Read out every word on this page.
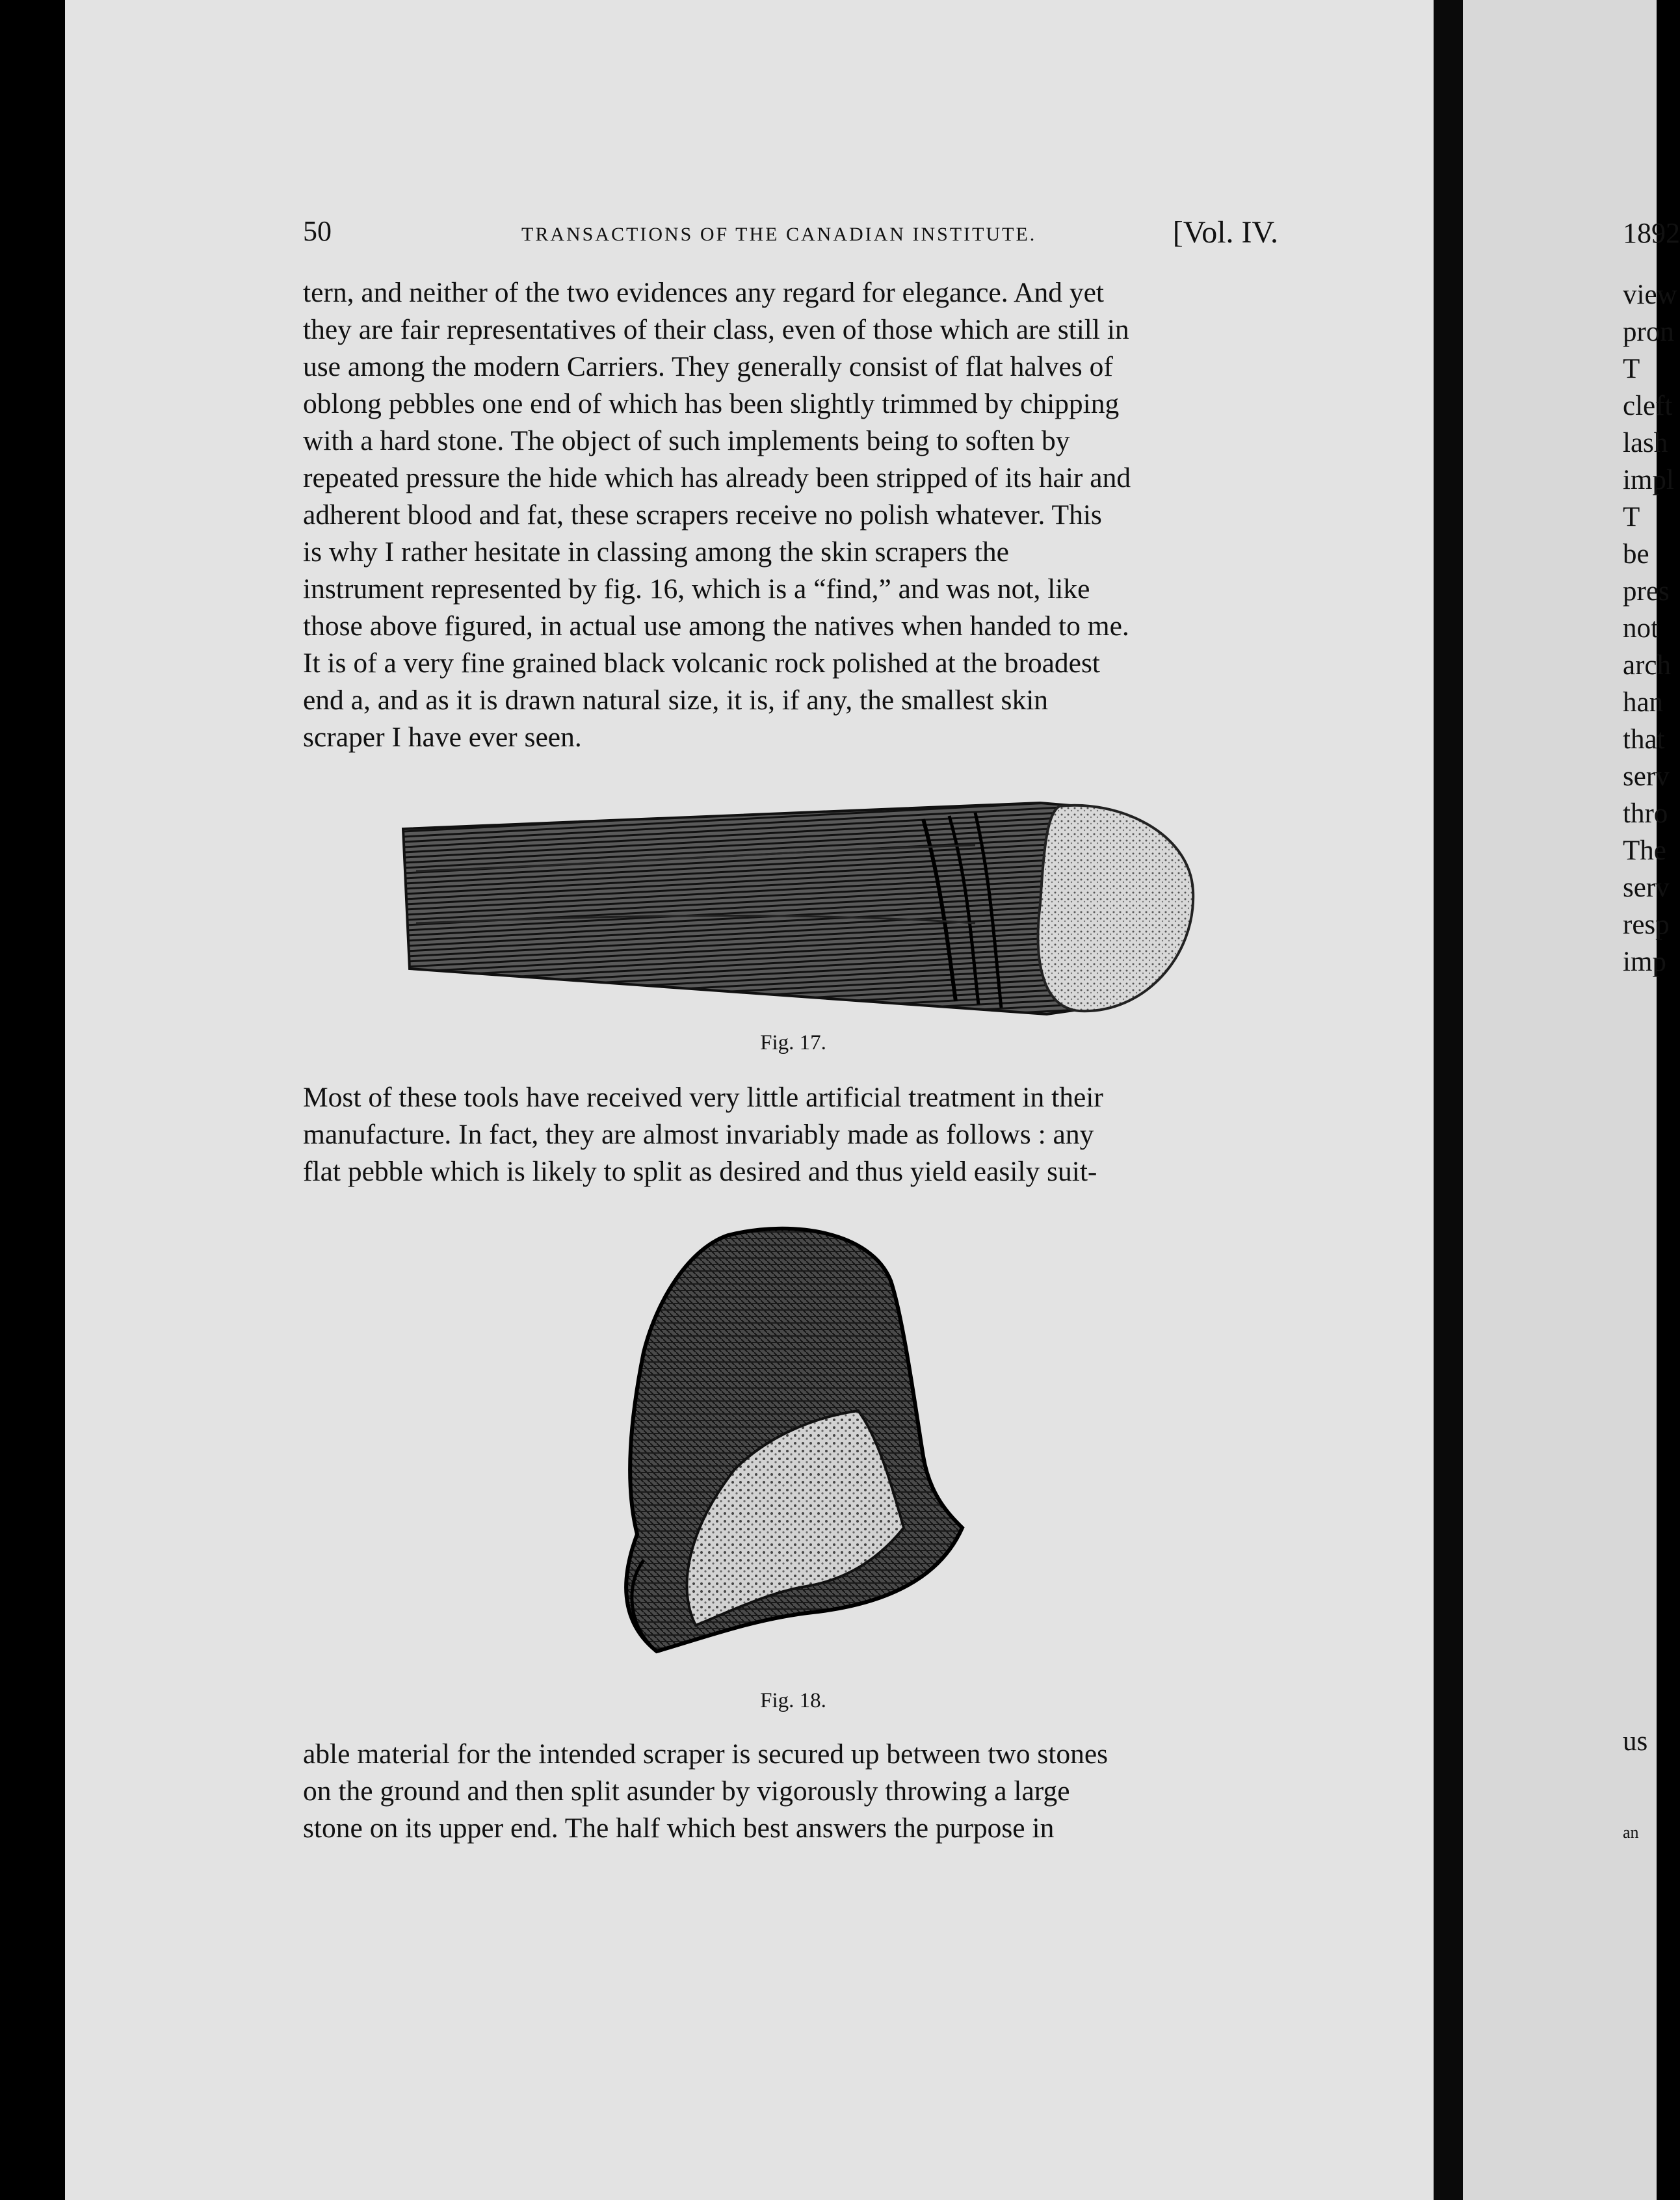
50	TRANSACTIONS OF THE CANADIAN INSTITUTE.	[Vol. IV.
tern, and neither of the two evidences any regard for elegance. And yet
they are fair representatives of their class, even of those which are still in
use among the modern Carriers. They generally consist of flat halves of
oblong pebbles one end of which has been slightly trimmed by chipping
with a hard stone. The object of such implements being to soften by
repeated pressure the hide which has already been stripped of its hair and
adherent blood and fat, these scrapers receive no polish whatever. This
is why I rather hesitate in classing among the skin scrapers the
instrument represented by fig. 16, which is a “find,” and was not, like
those above figured, in actual use among the natives when handed to me.
It is of a very fine grained black volcanic rock polished at the broadest
end a, and as it is drawn natural size, it is, if any, the smallest skin
scraper I have ever seen.
Fig. 17.
Most of these tools have received very little artificial treatment in their
manufacture. In fact, they are almost invariably made as follows : any
flat pebble which is likely to split as desired and thus yield easily suit-
Fig. 18.
able material for the intended scraper is secured up between two stones
on the ground and then split asunder by vigorously throwing a large
stone on its upper end. The half which best answers the purpose in
1892
view
pron
T
cleft
lash
impl
T
be
pres
not
arch
han
that
serv
thro
The
serv
resp
imp
us
an
